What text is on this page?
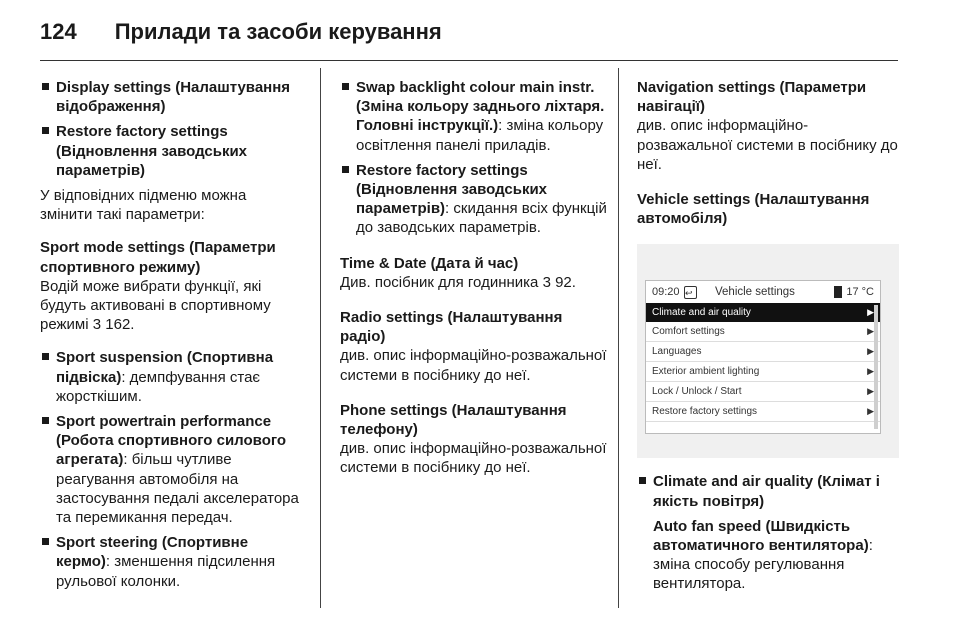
124 Прилади та засоби керування
Display settings (Налаштування відображення)
Restore factory settings (Відновлення заводських параметрів)
У відповідних підменю можна змінити такі параметри:
Sport mode settings (Параметри спортивного режиму)
Водій може вибрати функції, які будуть активовані в спортивному режимі 3 162.
Sport suspension (Спортивна підвіска): демпфування стає жорсткішим.
Sport powertrain performance (Робота спортивного силового агрегата): більш чутливе реагування автомобіля на застосування педалі акселератора та перемикання передач.
Sport steering (Спортивне кермо): зменшення підсилення рульової колонки.
Swap backlight colour main instr. (Зміна кольору заднього ліхтаря. Головні інструкції.): зміна кольору освітлення панелі приладів.
Restore factory settings (Відновлення заводських параметрів): скидання всіх функцій до заводських параметрів.
Time & Date (Дата й час)
Див. посібник для годинника 3 92.
Radio settings (Налаштування радіо)
див. опис інформаційно-розважальної системи в посібнику до неї.
Phone settings (Налаштування телефону)
див. опис інформаційно-розважальної системи в посібнику до неї.
Navigation settings (Параметри навігації)
див. опис інформаційно-розважальної системи в посібнику до неї.
Vehicle settings (Налаштування автомобіля)
09:20
↩	Vehicle settings	17 °C
Climate and air quality	▶
Comfort settings	▶
Languages	▶
Exterior ambient lighting	▶
Lock / Unlock / Start	▶
Restore factory settings	▶
Climate and air quality (Клімат і якість повітря)
Auto fan speed (Швидкість автоматичного вентилятора): зміна способу регулювання вентилятора.
